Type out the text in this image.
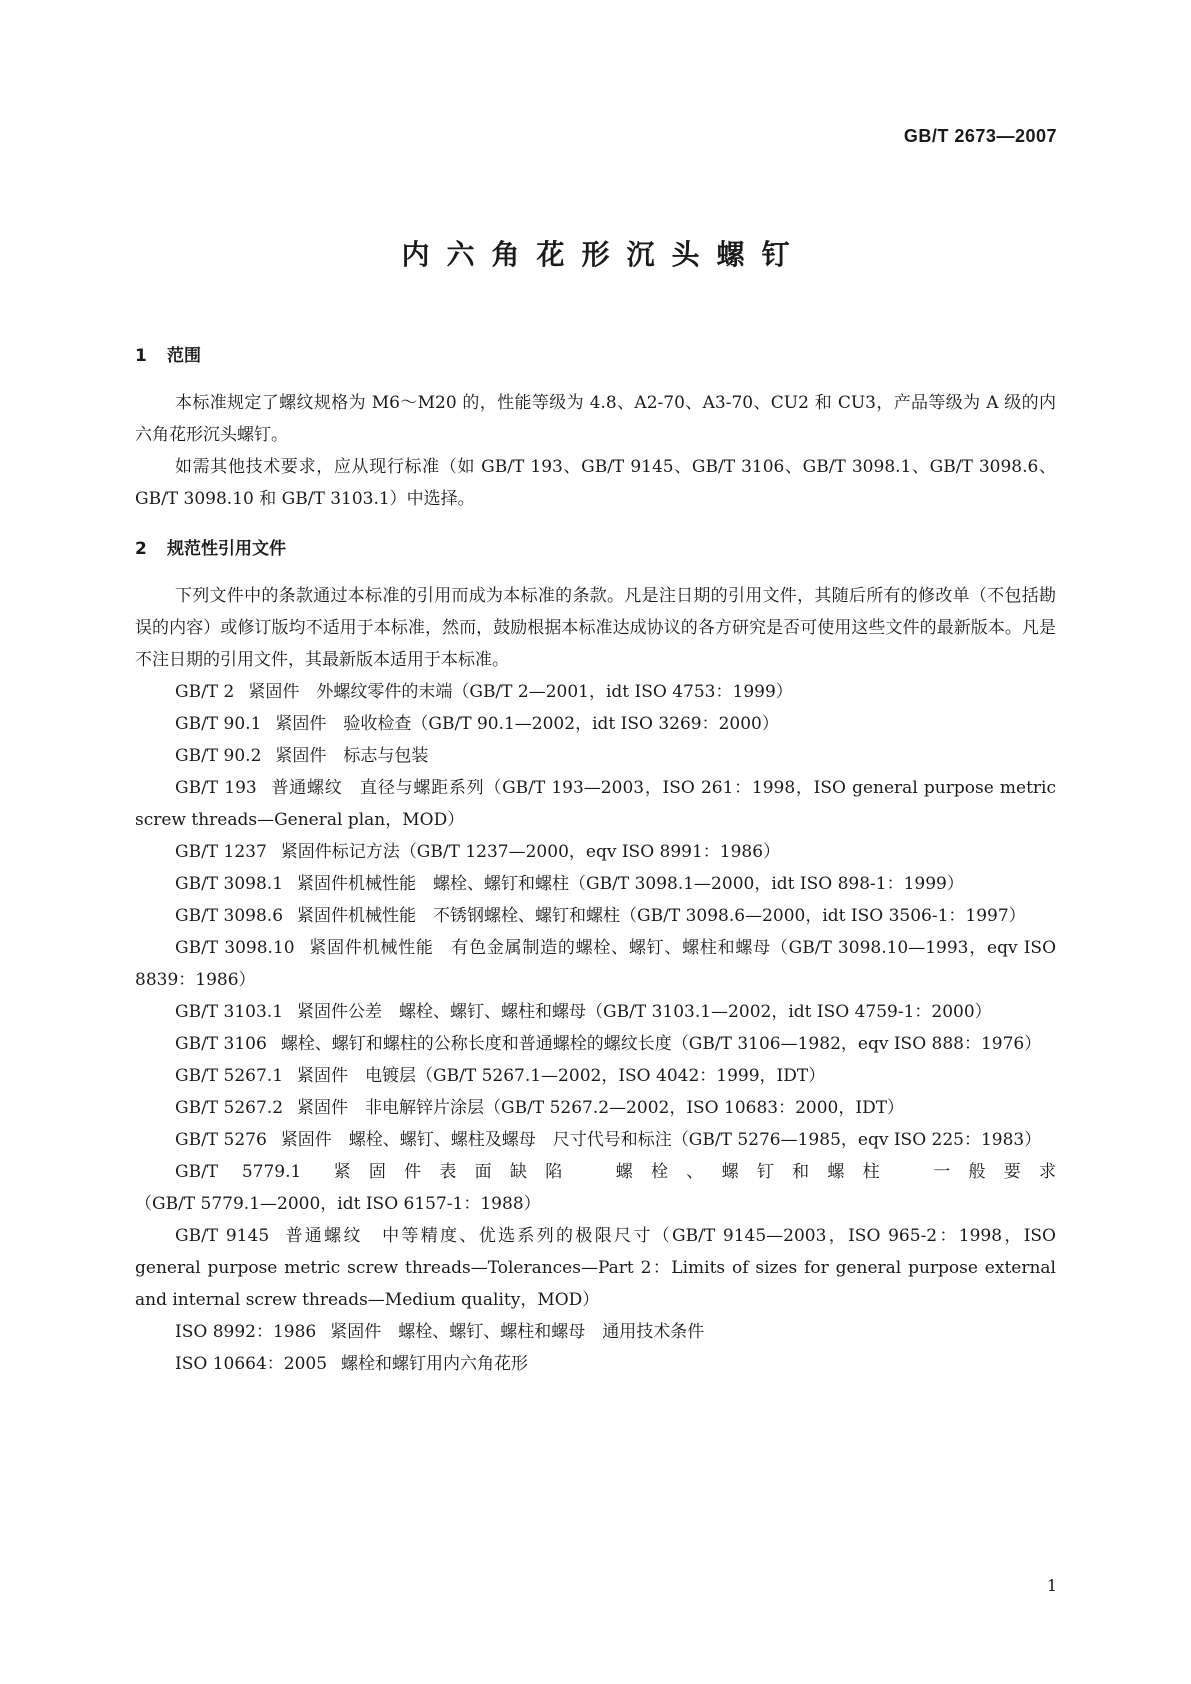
GB/T 2673—2007
内六角花形沉头螺钉
1 范围

本标准规定了螺纹规格为 M6～M20 的，性能等级为 4.8、A2-70、A3-70、CU2 和 CU3，产品等级为 A 级的内六角花形沉头螺钉。

如需其他技术要求，应从现行标准（如 GB/T 193、GB/T 9145、GB/T 3106、GB/T 3098.1、GB/T 3098.6、GB/T 3098.10 和 GB/T 3103.1）中选择。

2 规范性引用文件

下列文件中的条款通过本标准的引用而成为本标准的条款。凡是注日期的引用文件，其随后所有的修改单（不包括勘误的内容）或修订版均不适用于本标准，然而，鼓励根据本标准达成协议的各方研究是否可使用这些文件的最新版本。凡是不注日期的引用文件，其最新版本适用于本标准。

GB/T 2 紧固件　外螺纹零件的末端（GB/T 2—2001，idt ISO 4753：1999）

GB/T 90.1 紧固件　验收检查（GB/T 90.1—2002，idt ISO 3269：2000）

GB/T 90.2 紧固件　标志与包装

GB/T 193 普通螺纹　直径与螺距系列（GB/T 193—2003，ISO 261：1998，ISO general purpose metric screw threads—General plan，MOD）

GB/T 1237 紧固件标记方法（GB/T 1237—2000，eqv ISO 8991：1986）

GB/T 3098.1 紧固件机械性能　螺栓、螺钉和螺柱（GB/T 3098.1—2000，idt ISO 898-1：1999）

GB/T 3098.6 紧固件机械性能　不锈钢螺栓、螺钉和螺柱（GB/T 3098.6—2000，idt ISO 3506-1：1997）

GB/T 3098.10 紧固件机械性能　有色金属制造的螺栓、螺钉、螺柱和螺母（GB/T 3098.10—1993，eqv ISO 8839：1986）

GB/T 3103.1 紧固件公差　螺栓、螺钉、螺柱和螺母（GB/T 3103.1—2002，idt ISO 4759-1：2000）

GB/T 3106 螺栓、螺钉和螺柱的公称长度和普通螺栓的螺纹长度（GB/T 3106—1982，eqv ISO 888：1976）

GB/T 5267.1 紧固件　电镀层（GB/T 5267.1—2002，ISO 4042：1999，IDT）

GB/T 5267.2 紧固件　非电解锌片涂层（GB/T 5267.2—2002，ISO 10683：2000，IDT）

GB/T 5276 紧固件　螺栓、螺钉、螺柱及螺母　尺寸代号和标注（GB/T 5276—1985，eqv ISO 225：1983）

GB/T 5779.1 紧固件表面缺陷　螺栓、螺钉和螺柱　一般要求（GB/T 5779.1—2000，idt ISO 6157-1：1988）

GB/T 9145 普通螺纹　中等精度、优选系列的极限尺寸（GB/T 9145—2003，ISO 965-2：1998，ISO general purpose metric screw threads—Tolerances—Part 2：Limits of sizes for general purpose external and internal screw threads—Medium quality，MOD）

ISO 8992：1986 紧固件　螺栓、螺钉、螺柱和螺母　通用技术条件

ISO 10664：2005 螺栓和螺钉用内六角花形

1
